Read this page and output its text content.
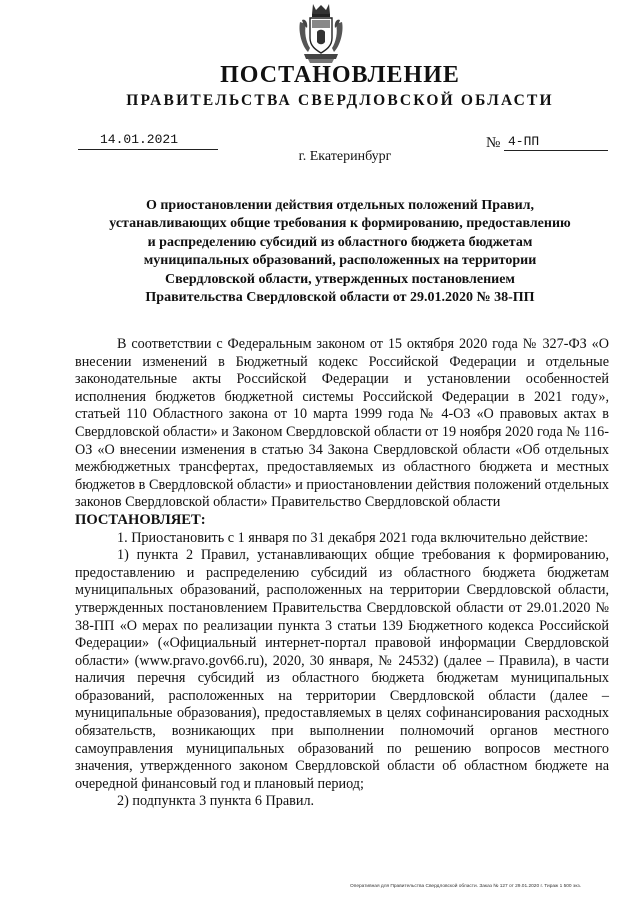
ПОСТАНОВЛЕНИЕ
ПРАВИТЕЛЬСТВА СВЕРДЛОВСКОЙ ОБЛАСТИ
14.01.2021	№ 4-ПП
г. Екатеринбург
О приостановлении действия отдельных положений Правил,
устанавливающих общие требования к формированию, предоставлению
и распределению субсидий из областного бюджета бюджетам
муниципальных образований, расположенных на территории
Свердловской области, утвержденных постановлением
Правительства Свердловской области от 29.01.2020 № 38-ПП

В соответствии с Федеральным законом от 15 октября 2020 года № 327-ФЗ «О внесении изменений в Бюджетный кодекс Российской Федерации и отдельные законодательные акты Российской Федерации и установлении особенностей исполнения бюджетов бюджетной системы Российской Федерации в 2021 году», статьей 110 Областного закона от 10 марта 1999 года № 4-ОЗ «О правовых актах в Свердловской области» и Законом Свердловской области от 19 ноября 2020 года № 116-ОЗ «О внесении изменения в статью 34 Закона Свердловской области «Об отдельных межбюджетных трансфертах, предоставляемых из областного бюджета и местных бюджетов в Свердловской области» и приостановлении действия положений отдельных законов Свердловской области» Правительство Свердловской области

ПОСТАНОВЛЯЕТ:

1. Приостановить с 1 января по 31 декабря 2021 года включительно действие:

1) пункта 2 Правил, устанавливающих общие требования к формированию, предоставлению и распределению субсидий из областного бюджета бюджетам муниципальных образований, расположенных на территории Свердловской области, утвержденных постановлением Правительства Свердловской области от 29.01.2020 № 38-ПП «О мерах по реализации пункта 3 статьи 139 Бюджетного кодекса Российской Федерации» («Официальный интернет-портал правовой информации Свердловской области» (www.pravo.gov66.ru), 2020, 30 января, № 24532) (далее – Правила), в части наличия перечня субсидий из областного бюджета бюджетам муниципальных образований, расположенных на территории Свердловской области (далее – муниципальные образования), предоставляемых в целях софинансирования расходных обязательств, возникающих при выполнении полномочий органов местного самоуправления муниципальных образований по решению вопросов местного значения, утвержденного законом Свердловской области об областном бюджете на очередной финансовый год и плановый период;

2) подпункта 3 пункта 6 Правил.

Оперативная для Правительства Свердловской области. Заказ № 127 от 29.01.2020 г. Тираж 1 500 экз.
